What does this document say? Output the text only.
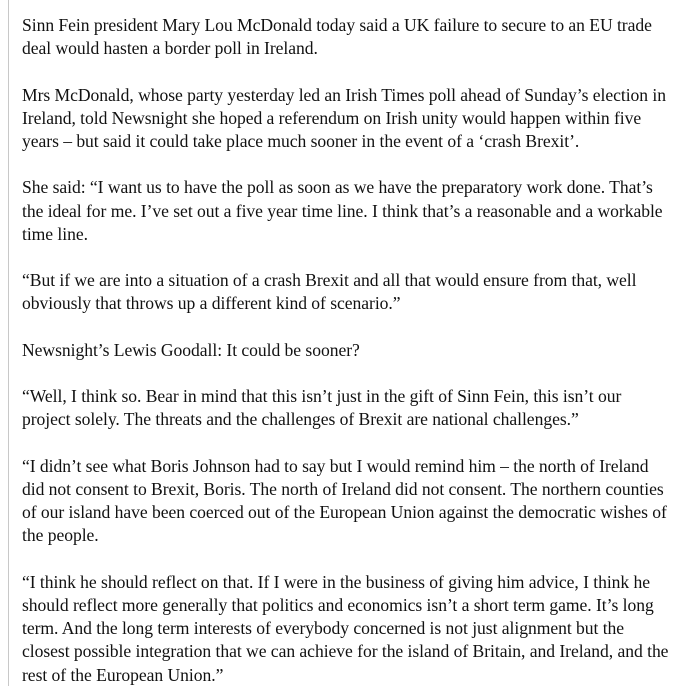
Sinn Fein president Mary Lou McDonald today said a UK failure to secure to an EU trade deal would hasten a border poll in Ireland.

Mrs McDonald, whose party yesterday led an Irish Times poll ahead of Sunday’s election in Ireland, told Newsnight she hoped a referendum on Irish unity would happen within five years – but said it could take place much sooner in the event of a ‘crash Brexit’.

She said: “I want us to have the poll as soon as we have the preparatory work done. That’s the ideal for me. I’ve set out a five year time line. I think that’s a reasonable and a workable time line.

“But if we are into a situation of a crash Brexit and all that would ensure from that, well obviously that throws up a different kind of scenario.”

Newsnight’s Lewis Goodall: It could be sooner?

“Well, I think so. Bear in mind that this isn’t just in the gift of Sinn Fein, this isn’t our project solely. The threats and the challenges of Brexit are national challenges.”

“I didn’t see what Boris Johnson had to say but I would remind him – the north of Ireland did not consent to Brexit, Boris. The north of Ireland did not consent. The northern counties of our island have been coerced out of the European Union against the democratic wishes of the people.

“I think he should reflect on that. If I were in the business of giving him advice, I think he should reflect more generally that politics and economics isn’t a short term game. It’s long term. And the long term interests of everybody concerned is not just alignment but the closest possible integration that we can achieve for the island of Britain, and Ireland, and the rest of the European Union.”
